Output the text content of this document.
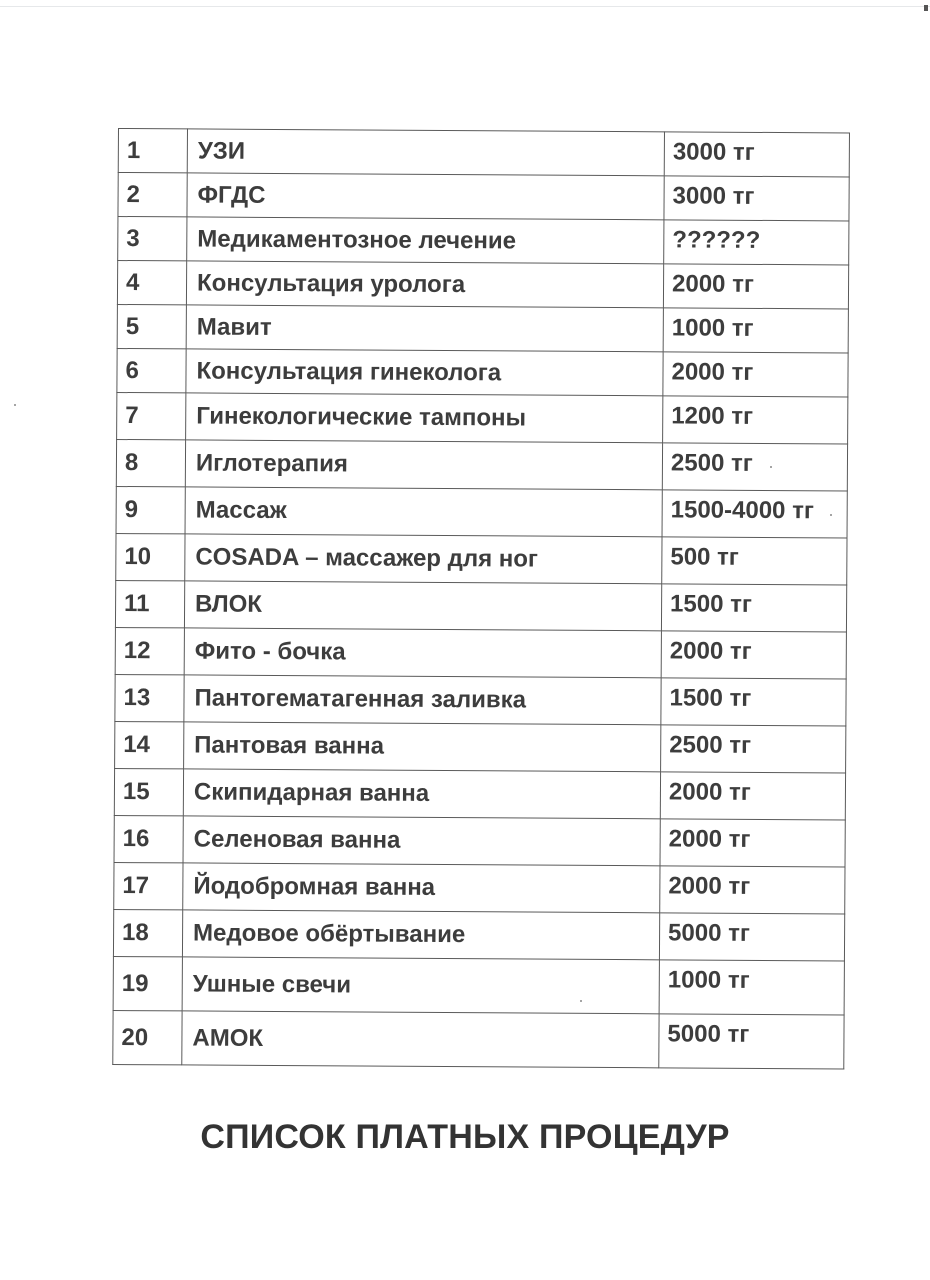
1	УЗИ	3000 тг
2	ФГДС	3000 тг
3	Медикаментозное лечение	??????
4	Консультация уролога	2000 тг
5	Мавит	1000 тг
6	Консультация гинеколога	2000 тг
7	Гинекологические тампоны	1200 тг
8	Иглотерапия	2500 тг
9	Массаж	1500-4000 тг
10	COSADA – массажер для ног	500 тг
11	ВЛОК	1500 тг
12	Фито - бочка	2000 тг
13	Пантогематагенная заливка	1500 тг
14	Пантовая ванна	2500 тг
15	Скипидарная ванна	2000 тг
16	Селеновая ванна	2000 тг
17	Йодобромная ванна	2000 тг
18	Медовое обёртывание	5000 тг
19	Ушные свечи	1000 тг
20	АМОК	5000 тг
СПИСОК ПЛАТНЫХ ПРОЦЕДУР
